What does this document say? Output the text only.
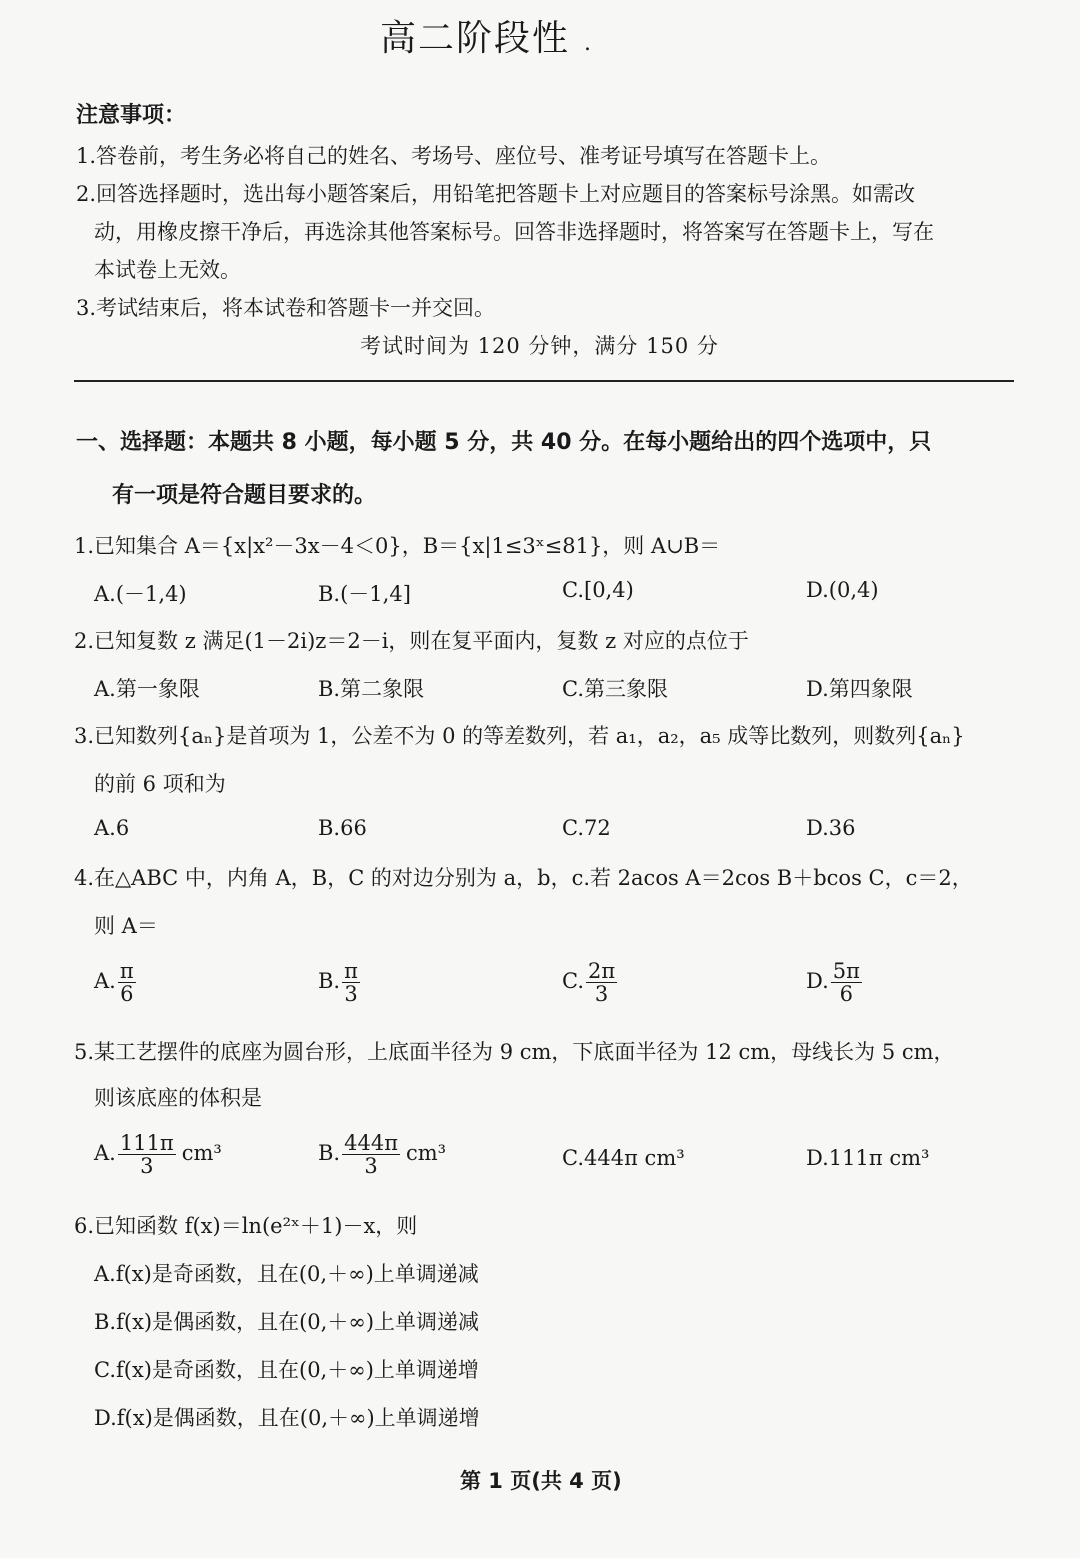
高二阶段性 .
注意事项：
1.答卷前，考生务必将自己的姓名、考场号、座位号、准考证号填写在答题卡上。
2.回答选择题时，选出每小题答案后，用铅笔把答题卡上对应题目的答案标号涂黑。如需改
动，用橡皮擦干净后，再选涂其他答案标号。回答非选择题时，将答案写在答题卡上，写在
本试卷上无效。
3.考试结束后，将本试卷和答题卡一并交回。
考试时间为 120 分钟，满分 150 分
一、选择题：本题共 8 小题，每小题 5 分，共 40 分。在每小题给出的四个选项中，只
有一项是符合题目要求的。
1.已知集合 A＝{x|x²－3x－4＜0}，B＝{x|1≤3ˣ≤81}，则 A∪B＝
A.(－1,4)	B.(－1,4]	C.[0,4)	D.(0,4)
2.已知复数 z 满足(1－2i)z＝2－i，则在复平面内，复数 z 对应的点位于
A.第一象限	B.第二象限	C.第三象限	D.第四象限
3.已知数列{aₙ}是首项为 1，公差不为 0 的等差数列，若 a₁，a₂，a₅ 成等比数列，则数列{aₙ}
的前 6 项和为
A.6	B.66	C.72	D.36
4.在△ABC 中，内角 A，B，C 的对边分别为 a，b，c.若 2acos A＝2cos B＋bcos C，c＝2，
则 A＝
A. $\frac{\pi}{6}$	B. $\frac{\pi}{3}$	C. $\frac{2\pi}{3}$	D. $\frac{5\pi}{6}$
5.某工艺摆件的底座为圆台形，上底面半径为 9 cm，下底面半径为 12 cm，母线长为 5 cm，
则该底座的体积是
A. $\frac{111\pi}{3} cm^3$	B. $\frac{444\pi}{3} cm^3$	C.444π cm³	D.111π cm³
6.已知函数 f(x)＝ln(e²ˣ＋1)－x，则
A.f(x)是奇函数，且在(0,＋∞)上单调递减
B.f(x)是偶函数，且在(0,＋∞)上单调递减
C.f(x)是奇函数，且在(0,＋∞)上单调递增
D.f(x)是偶函数，且在(0,＋∞)上单调递增
第 1 页(共 4 页)
